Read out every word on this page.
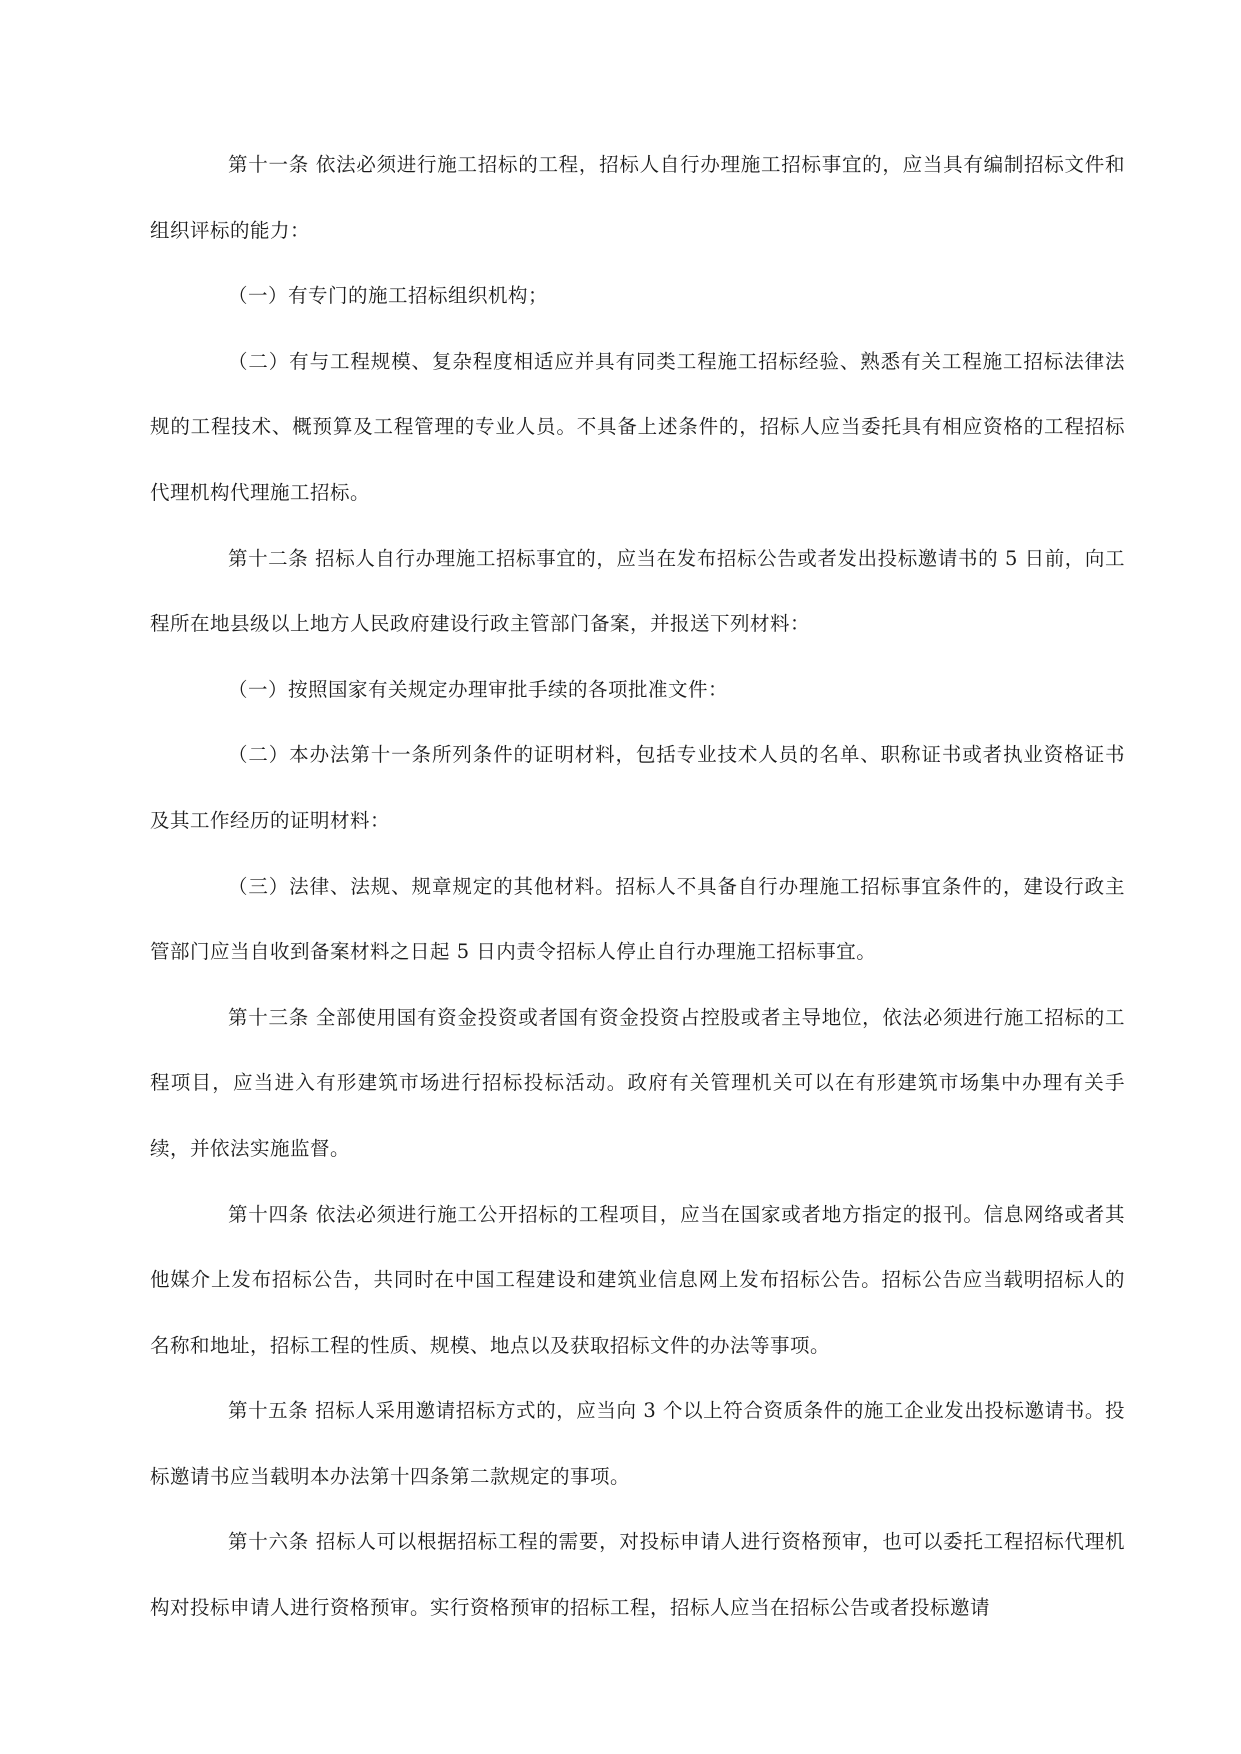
第十一条 依法必须进行施工招标的工程，招标人自行办理施工招标事宜的，应当具有编制招标文件和组织评标的能力：

（一）有专门的施工招标组织机构；

（二）有与工程规模、复杂程度相适应并具有同类工程施工招标经验、熟悉有关工程施工招标法律法规的工程技术、概预算及工程管理的专业人员。不具备上述条件的，招标人应当委托具有相应资格的工程招标代理机构代理施工招标。

第十二条 招标人自行办理施工招标事宜的，应当在发布招标公告或者发出投标邀请书的 5 日前，向工程所在地县级以上地方人民政府建设行政主管部门备案，并报送下列材料：

（一）按照国家有关规定办理审批手续的各项批准文件：

（二）本办法第十一条所列条件的证明材料，包括专业技术人员的名单、职称证书或者执业资格证书及其工作经历的证明材料：

（三）法律、法规、规章规定的其他材料。招标人不具备自行办理施工招标事宜条件的，建设行政主管部门应当自收到备案材料之日起 5 日内责令招标人停止自行办理施工招标事宜。

第十三条 全部使用国有资金投资或者国有资金投资占控股或者主导地位，依法必须进行施工招标的工程项目，应当进入有形建筑市场进行招标投标活动。政府有关管理机关可以在有形建筑市场集中办理有关手续，并依法实施监督。

第十四条 依法必须进行施工公开招标的工程项目，应当在国家或者地方指定的报刊。信息网络或者其他媒介上发布招标公告，共同时在中国工程建设和建筑业信息网上发布招标公告。招标公告应当载明招标人的名称和地址，招标工程的性质、规模、地点以及获取招标文件的办法等事项。

第十五条 招标人采用邀请招标方式的，应当向 3 个以上符合资质条件的施工企业发出投标邀请书。投标邀请书应当载明本办法第十四条第二款规定的事项。

第十六条 招标人可以根据招标工程的需要，对投标申请人进行资格预审，也可以委托工程招标代理机构对投标申请人进行资格预审。实行资格预审的招标工程，招标人应当在招标公告或者投标邀请
